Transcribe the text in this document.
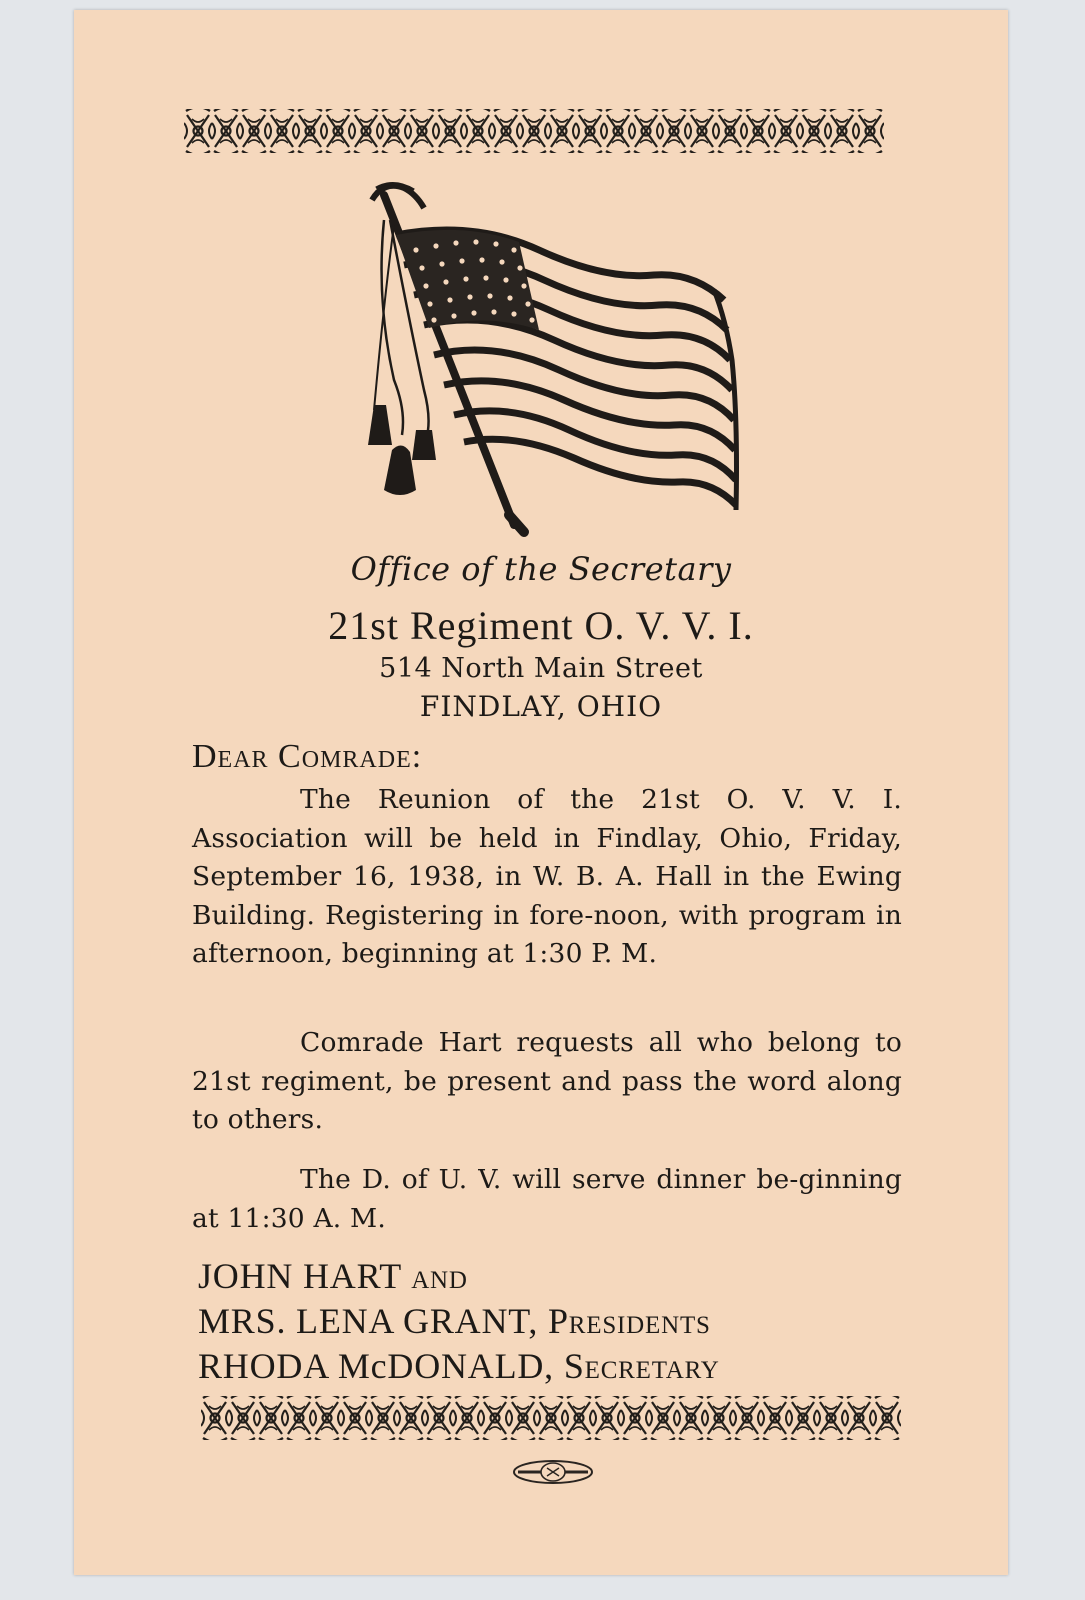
Office of the Secretary
21st Regiment O. V. V. I.
514 North Main Street
FINDLAY, OHIO
Dear Comrade:
The Reunion of the 21st O. V. V. I. Association will be held in Findlay, Ohio, Friday, September 16, 1938, in W. B. A. Hall in the Ewing Building. Registering in fore-noon, with program in afternoon, beginning at 1:30 P. M.
Comrade Hart requests all who belong to 21st regiment, be present and pass the word along to others.
The D. of U. V. will serve dinner be-ginning at 11:30 A. M.
JOHN HART and
MRS. LENA GRANT, Presidents
RHODA McDONALD, Secretary
